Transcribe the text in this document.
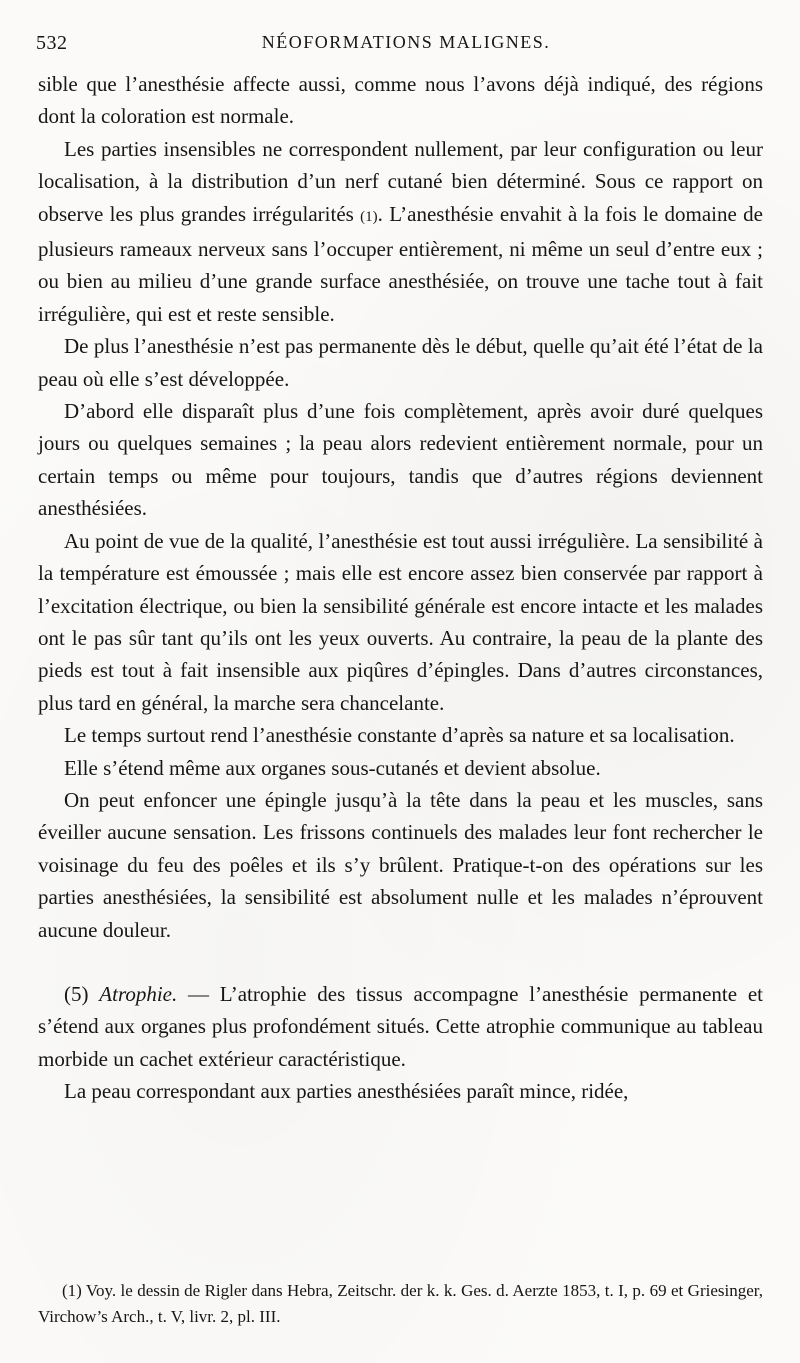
532	NÉOFORMATIONS MALIGNES.

sible que l’anesthésie affecte aussi, comme nous l’avons déjà indiqué, des régions dont la coloration est normale.

Les parties insensibles ne correspondent nullement, par leur configuration ou leur localisation, à la distribution d’un nerf cutané bien déterminé. Sous ce rapport on observe les plus grandes irrégularités (1). L’anesthésie envahit à la fois le domaine de plusieurs rameaux nerveux sans l’occuper entièrement, ni même un seul d’entre eux ; ou bien au milieu d’une grande surface anesthésiée, on trouve une tache tout à fait irrégulière, qui est et reste sensible.

De plus l’anesthésie n’est pas permanente dès le début, quelle qu’ait été l’état de la peau où elle s’est développée.

D’abord elle disparaît plus d’une fois complètement, après avoir duré quelques jours ou quelques semaines ; la peau alors redevient entièrement normale, pour un certain temps ou même pour toujours, tandis que d’autres régions deviennent anesthésiées.

Au point de vue de la qualité, l’anesthésie est tout aussi irrégulière. La sensibilité à la température est émoussée ; mais elle est encore assez bien conservée par rapport à l’excitation électrique, ou bien la sensibilité générale est encore intacte et les malades ont le pas sûr tant qu’ils ont les yeux ouverts. Au contraire, la peau de la plante des pieds est tout à fait insensible aux piqûres d’épingles. Dans d’autres circonstances, plus tard en général, la marche sera chancelante.

Le temps surtout rend l’anesthésie constante d’après sa nature et sa localisation.

Elle s’étend même aux organes sous-cutanés et devient absolue.

On peut enfoncer une épingle jusqu’à la tête dans la peau et les muscles, sans éveiller aucune sensation. Les frissons continuels des malades leur font rechercher le voisinage du feu des poêles et ils s’y brûlent. Pratique-t-on des opérations sur les parties anesthésiées, la sensibilité est absolument nulle et les malades n’éprouvent aucune douleur.

(5) Atrophie. — L’atrophie des tissus accompagne l’anesthésie permanente et s’étend aux organes plus profondément situés. Cette atrophie communique au tableau morbide un cachet extérieur caractéristique.

La peau correspondant aux parties anesthésiées paraît mince, ridée,

(1) Voy. le dessin de Rigler dans Hebra, Zeitschr. der k. k. Ges. d. Aerzte 1853, t. I, p. 69 et Griesinger, Virchow’s Arch., t. V, livr. 2, pl. III.
